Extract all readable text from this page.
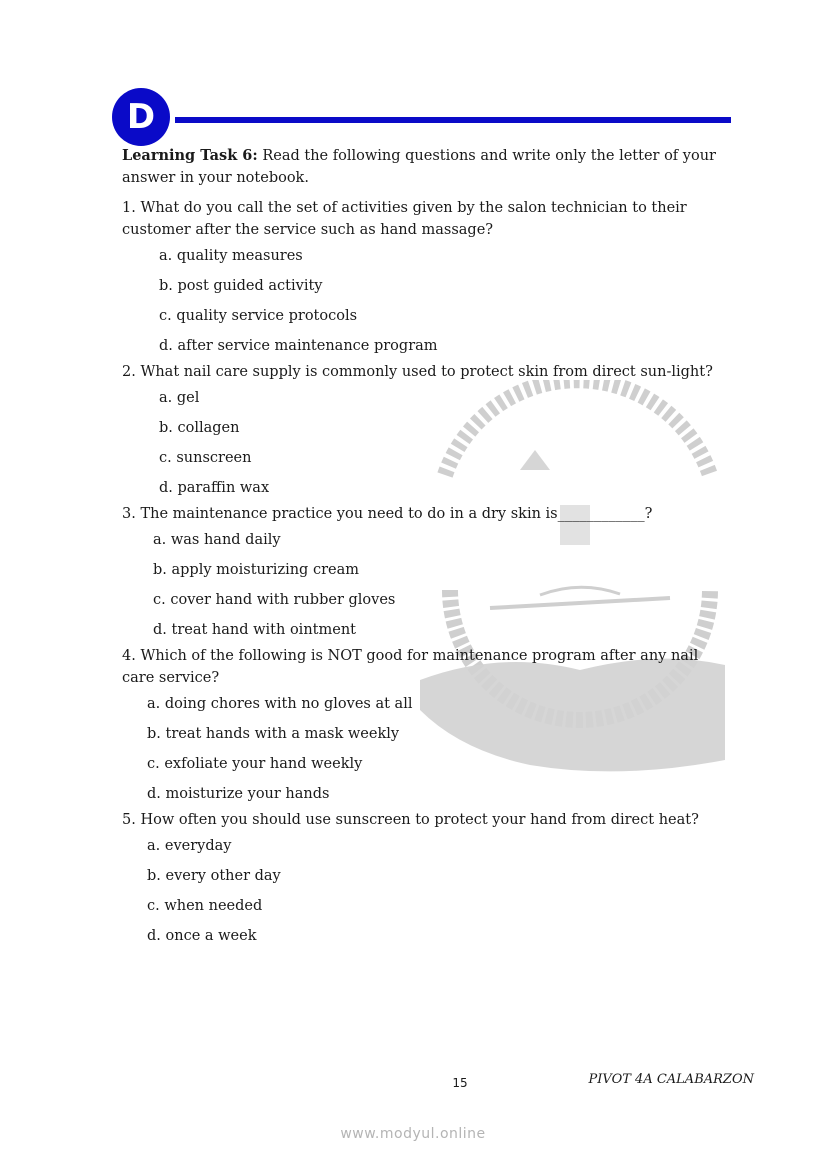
D

Learning Task 6: Read the following questions and write only the letter of your answer in your notebook.

1. What do you call the set of activities given by the salon technician to their customer after the service such as hand massage?

a. quality measures
b. post guided activity
c. quality service protocols
d. after service maintenance program

2. What nail care supply is commonly used to protect skin from direct sun-light?

a. gel
b. collagen
c. sunscreen
d. paraffin wax

3. The maintenance practice you need to do in a dry skin is____________?

a. was hand daily
b. apply moisturizing cream
c. cover hand with rubber gloves
d. treat hand with ointment

4. Which of the following is NOT good for maintenance program after any nail care service?

a. doing chores with no gloves at all
b. treat hands with a mask weekly
c. exfoliate your hand weekly
d. moisturize your hands

5. How often you should use sunscreen to protect your hand from direct heat?

a. everyday
b. every other day
c. when needed
d. once a week
15	PIVOT 4A CALABARZON
www.modyul.online
